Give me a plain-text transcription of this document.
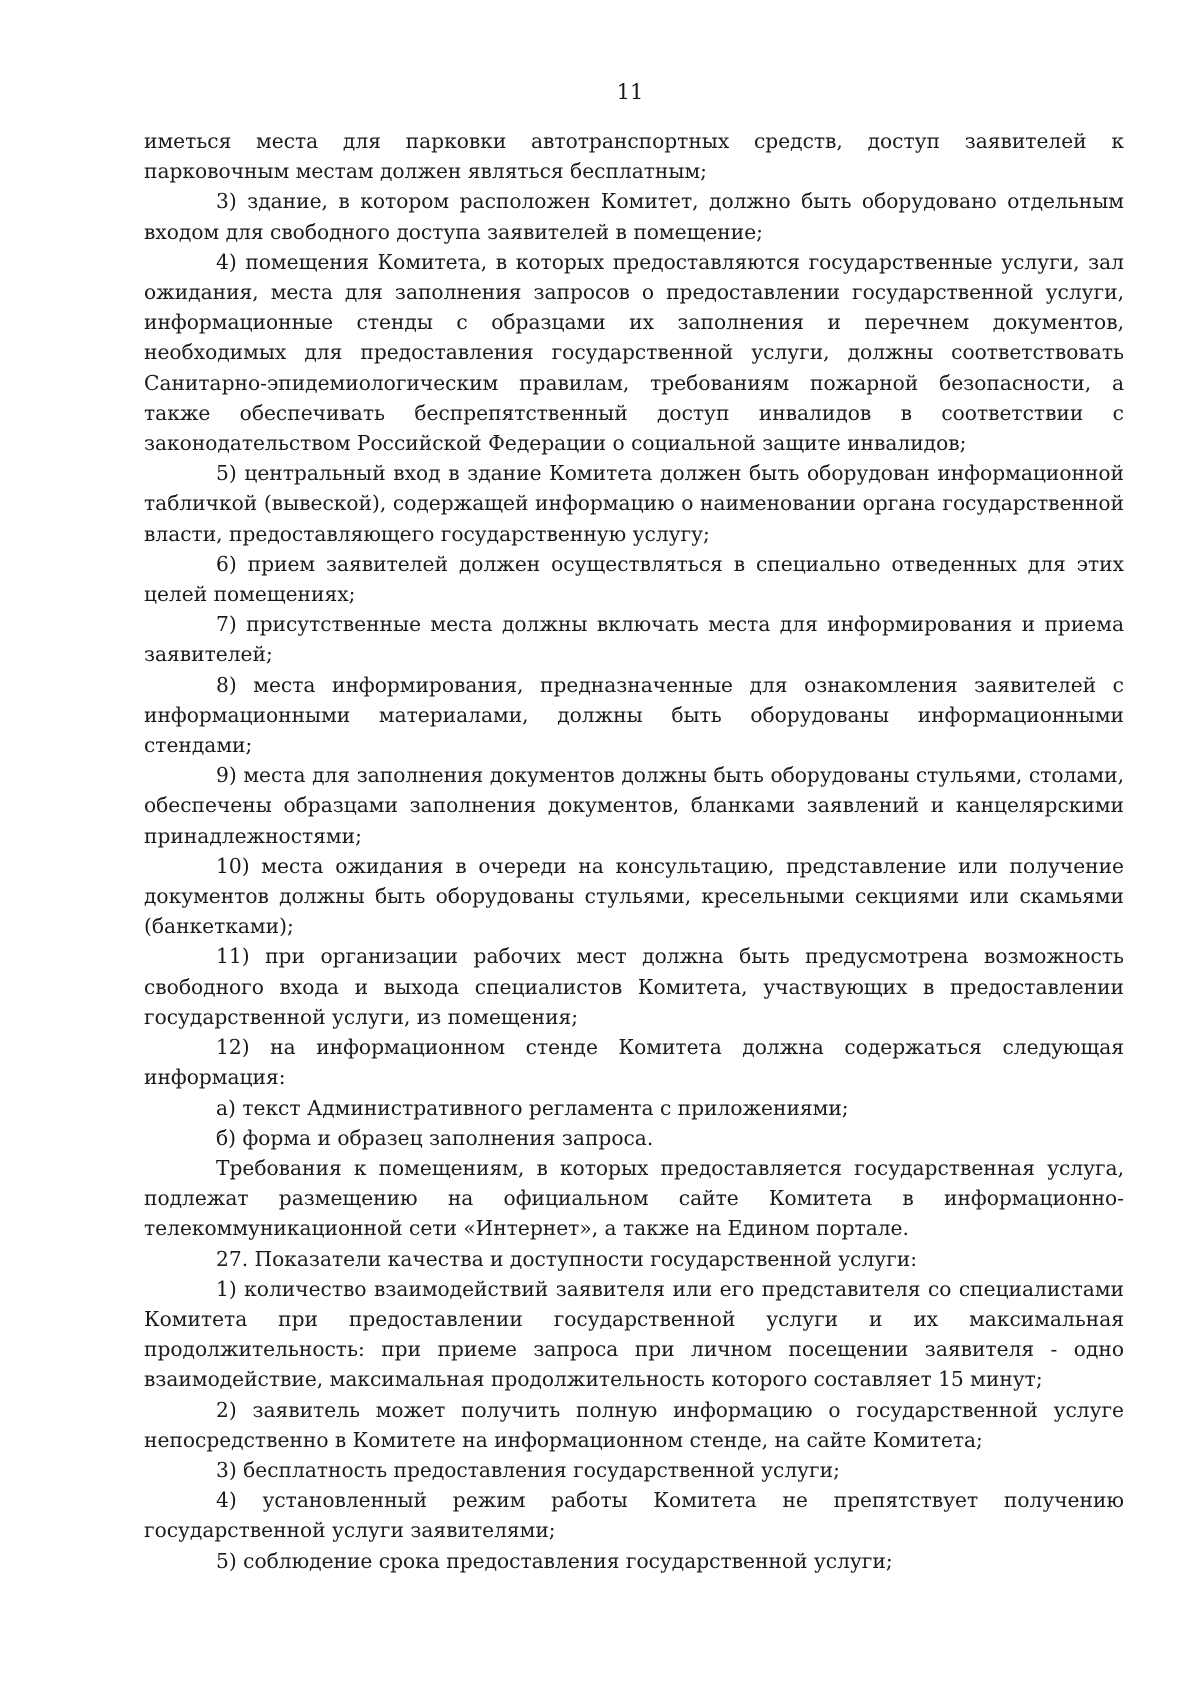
11

иметься места для парковки автотранспортных средств, доступ заявителей к парковочным местам должен являться бесплатным;

3) здание, в котором расположен Комитет, должно быть оборудовано отдельным входом для свободного доступа заявителей в помещение;

4) помещения Комитета, в которых предоставляются государственные услуги, зал ожидания, места для заполнения запросов о предоставлении государственной услуги, информационные стенды с образцами их заполнения и перечнем документов, необходимых для предоставления государственной услуги, должны соответствовать Санитарно-эпидемиологическим правилам, требованиям пожарной безопасности, а также обеспечивать беспрепятственный доступ инвалидов в соответствии с законодательством Российской Федерации о социальной защите инвалидов;

5) центральный вход в здание Комитета должен быть оборудован информационной табличкой (вывеской), содержащей информацию о наименовании органа государственной власти, предоставляющего государственную услугу;

6) прием заявителей должен осуществляться в специально отведенных для этих целей помещениях;

7) присутственные места должны включать места для информирования и приема заявителей;

8) места информирования, предназначенные для ознакомления заявителей с информационными материалами, должны быть оборудованы информационными стендами;

9) места для заполнения документов должны быть оборудованы стульями, столами, обеспечены образцами заполнения документов, бланками заявлений и канцелярскими принадлежностями;

10) места ожидания в очереди на консультацию, представление или получение документов должны быть оборудованы стульями, кресельными секциями или скамьями (банкетками);

11) при организации рабочих мест должна быть предусмотрена возможность свободного входа и выхода специалистов Комитета, участвующих в предоставлении государственной услуги, из помещения;

12) на информационном стенде Комитета должна содержаться следующая информация:

а) текст Административного регламента с приложениями;

б) форма и образец заполнения запроса.

Требования к помещениям, в которых предоставляется государственная услуга, подлежат размещению на официальном сайте Комитета в информационно-телекоммуникационной сети «Интернет», а также на Едином портале.

27. Показатели качества и доступности государственной услуги:

1) количество взаимодействий заявителя или его представителя со специалистами Комитета при предоставлении государственной услуги и их максимальная продолжительность: при приеме запроса при личном посещении заявителя - одно взаимодействие, максимальная продолжительность которого составляет 15 минут;

2) заявитель может получить полную информацию о государственной услуге непосредственно в Комитете на информационном стенде, на сайте Комитета;

3) бесплатность предоставления государственной услуги;

4) установленный режим работы Комитета не препятствует получению государственной услуги заявителями;

5) соблюдение срока предоставления государственной услуги;
